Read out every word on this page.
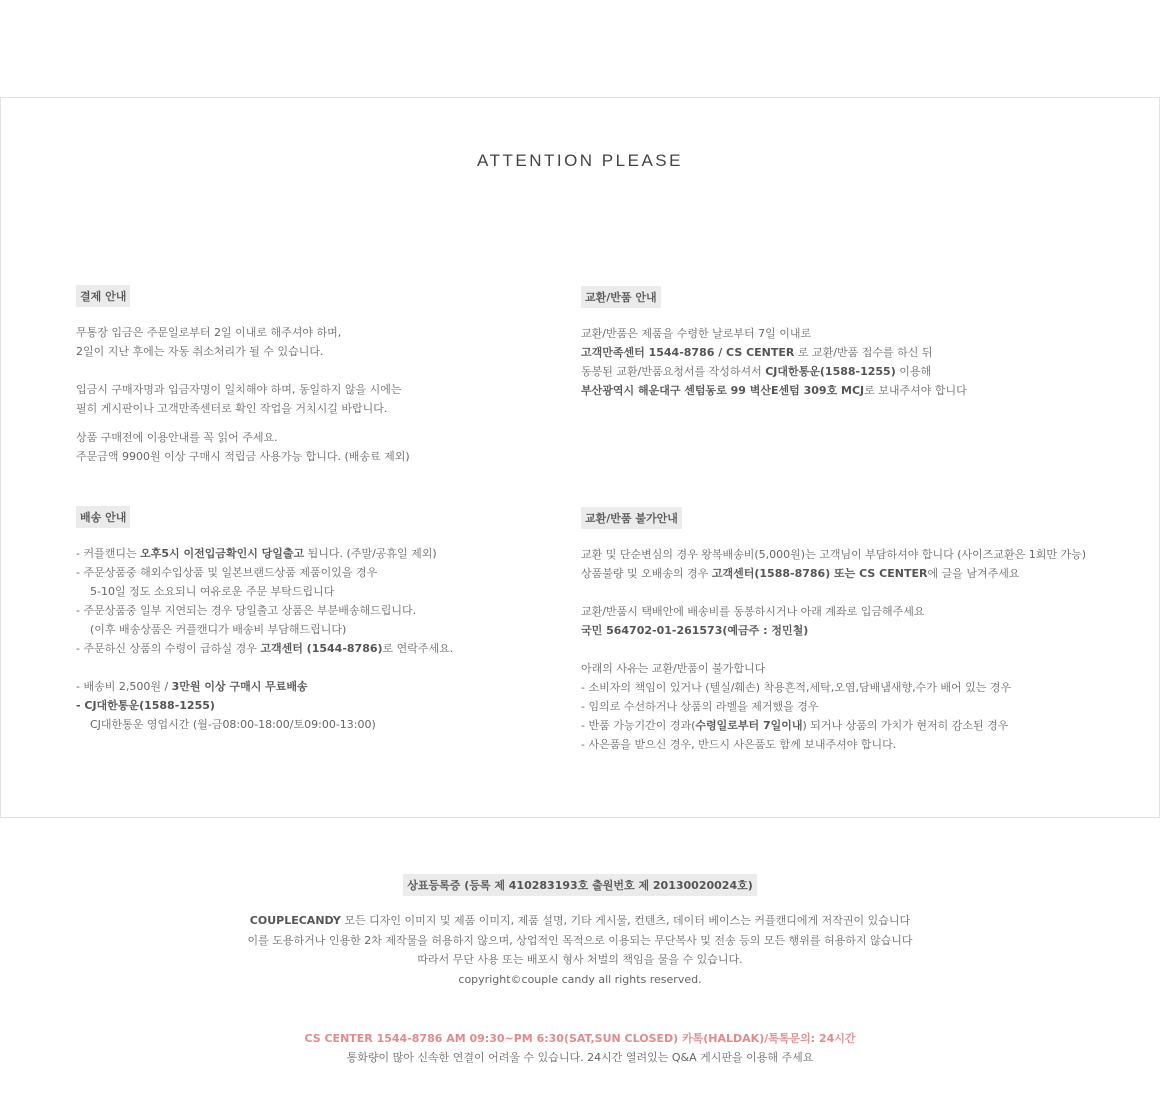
ATTENTION PLEASE
결제 안내
무통장 입금은 주문일로부터 2일 이내로 해주셔야 하며,
2일이 지난 후에는 자동 취소처리가 될 수 있습니다.
입금시 구매자명과 입금자명이 일치해야 하며, 동일하지 않을 시에는
필히 게시판이나 고객만족센터로 확인 작업을 거치시길 바랍니다.
상품 구매전에 이용안내를 꼭 읽어 주세요.
주문금액 9900원 이상 구매시 적립금 사용가능 합니다. (배송료 제외)
배송 안내
- 커플캔디는 오후5시 이전입금확인시 당일출고 됩니다. (주말/공휴일 제외)
- 주문상품중 해외수입상품 및 일본브랜드상품 제품이있을 경우
5-10일 정도 소요되니 여유로운 주문 부탁드립니다
- 주문상품중 일부 지연되는 경우 당일출고 상품은 부분배송해드립니다.
(이후 배송상품은 커플캔디가 배송비 부담해드립니다)
- 주문하신 상품의 수령이 급하실 경우 고객센터 (1544-8786)로 연락주세요.
- 배송비 2,500원 / 3만원 이상 구매시 무료배송
- CJ대한통운(1588-1255)
CJ대한통운 영업시간 (월-금08:00-18:00/토09:00-13:00)
교환/반품 안내
교환/반품은 제품을 수령한 날로부터 7일 이내로
고객만족센터 1544-8786 / CS CENTER 로 교환/반품 접수를 하신 뒤
동봉된 교환/반품요청서를 작성하셔서 CJ대한통운(1588-1255) 이용해
부산광역시 해운대구 센텀동로 99 벽산E센텀 309호 MCJ로 보내주셔야 합니다
교환/반품 불가안내
교환 및 단순변심의 경우 왕복배송비(5,000원)는 고객님이 부담하셔야 합니다 (사이즈교환은 1회만 가능)
상품불량 및 오배송의 경우 고객센터(1588-8786) 또는 CS CENTER에 글을 남겨주세요
교환/반품시 택배안에 배송비를 동봉하시거나 아래 계좌로 입금해주세요
국민 564702-01-261573(예금주 : 정민철)
아래의 사유는 교환/반품이 불가합니다
- 소비자의 책임이 있거나 (텔실/훼손) 착용흔적,세탁,오염,담배냄새향,수가 배어 있는 경우
- 임의로 수선하거나 상품의 라벨을 제거했을 경우
- 반품 가능기간이 경과(수령일로부터 7일이내) 되거나 상품의 가치가 현저히 감소된 경우
- 사은품을 받으신 경우, 반드시 사은품도 함께 보내주셔야 합니다.
상표등록증 (등록 제 410283193호 출원번호 제 20130020024호)
COUPLECANDY 모든 디자인 이미지 및 제품 이미지, 제품 설명, 기타 게시물, 컨텐츠, 데이터 베이스는 커플캔디에게 저작권이 있습니다
이를 도용하거나 인용한 2차 제작물을 허용하지 않으며, 상업적인 목적으로 이용되는 무단복사 및 전송 등의 모든 행위를 허용하지 않습니다
따라서 무단 사용 또는 배포시 형사 처벌의 책임을 물을 수 있습니다.
copyright©couple candy all rights reserved.
CS CENTER 1544-8786 AM 09:30~PM 6:30(SAT,SUN CLOSED) 카톡(HALDAK)/톡톡문의: 24시간
통화량이 많아 신속한 연결이 어려울 수 있습니다. 24시간 열려있는 Q&A 게시판을 이용해 주세요
